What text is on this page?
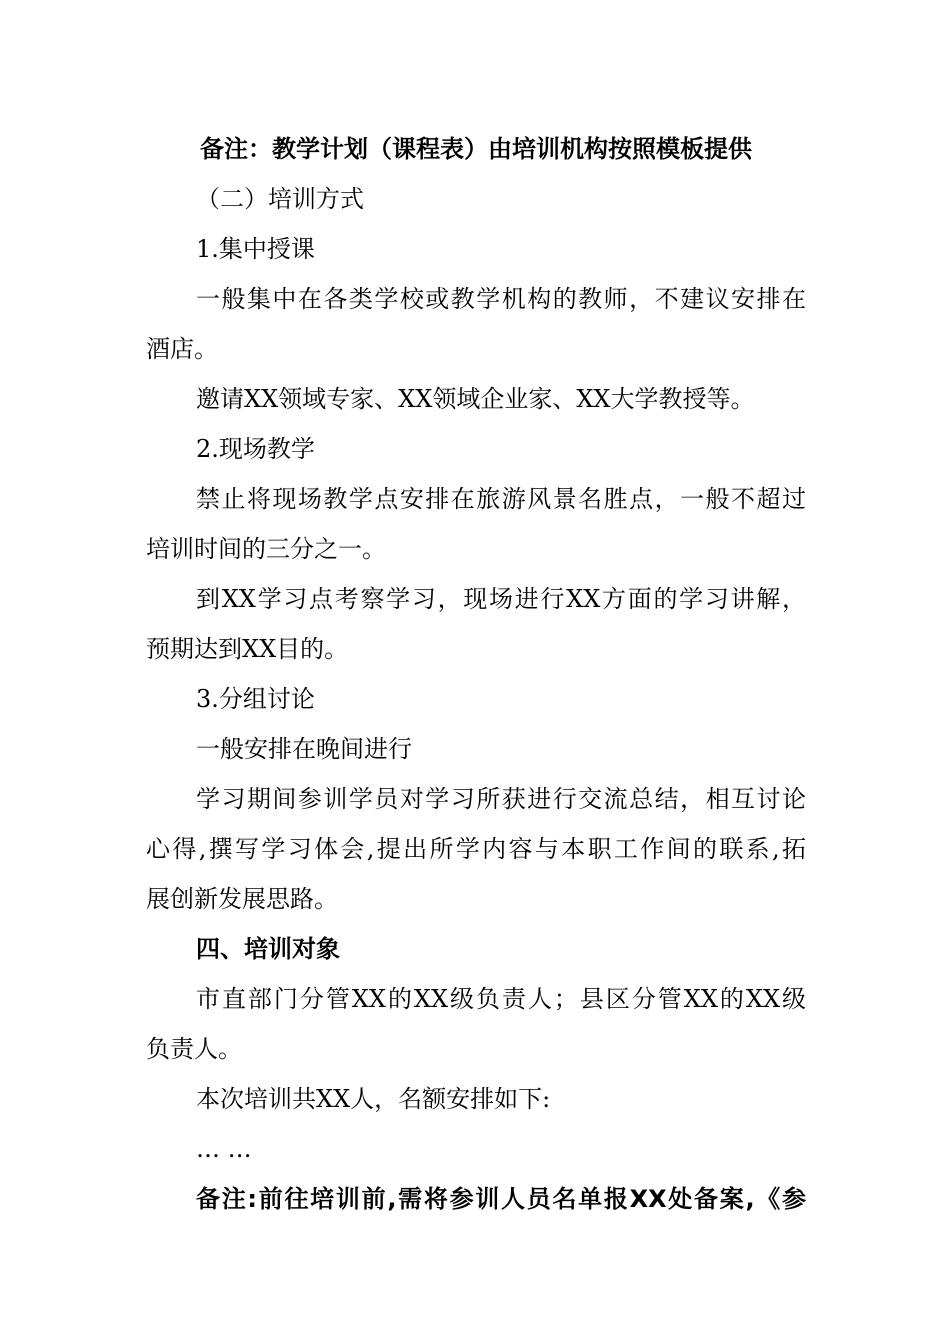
备注：教学计划（课程表）由培训机构按照模板提供
（二）培训方式
1.集中授课
一般集中在各类学校或教学机构的教师，不建议安排在
酒店。
邀请XX领域专家、XX领域企业家、XX大学教授等。
2.现场教学
禁止将现场教学点安排在旅游风景名胜点，一般不超过
培训时间的三分之一。
到XX学习点考察学习，现场进行XX方面的学习讲解，
预期达到XX目的。
3.分组讨论
一般安排在晚间进行
学习期间参训学员对学习所获进行交流总结，相互讨论
心得,撰写学习体会,提出所学内容与本职工作间的联系,拓
展创新发展思路。
四、培训对象
市直部门分管XX的XX级负责人；县区分管XX的XX级
负责人。
本次培训共XX人，名额安排如下:
… …
备注:前往培训前,需将参训人员名单报XX处备案,《参
